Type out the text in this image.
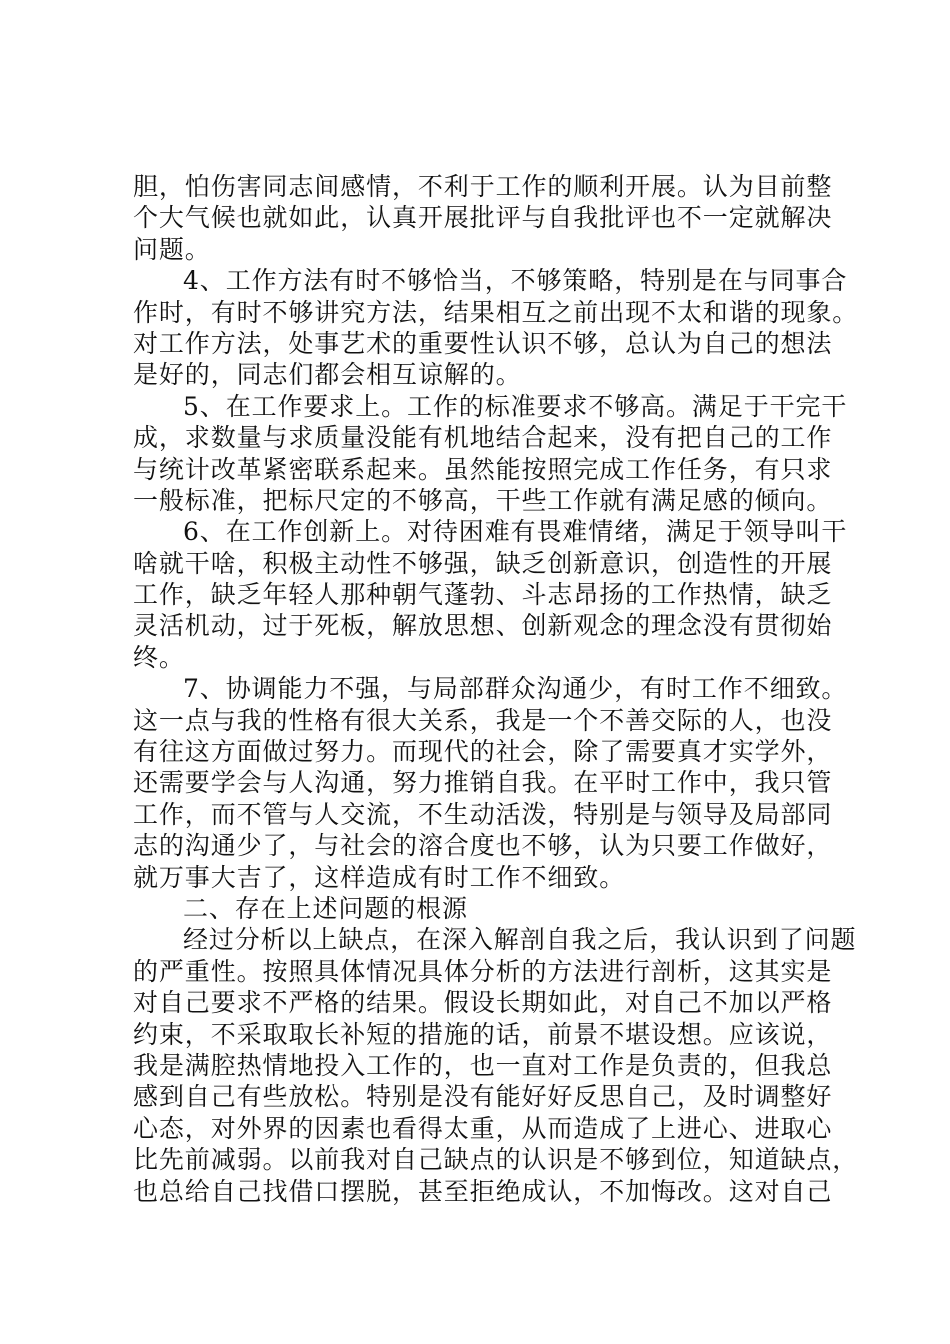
胆，怕伤害同志间感情，不利于工作的顺利开展。认为目前整
个大气候也就如此，认真开展批评与自我批评也不一定就解决
问题。
4、工作方法有时不够恰当，不够策略，特别是在与同事合
作时，有时不够讲究方法，结果相互之前出现不太和谐的现象。
对工作方法，处事艺术的重要性认识不够，总认为自己的想法
是好的，同志们都会相互谅解的。
5、在工作要求上。工作的标准要求不够高。满足于干完干
成，求数量与求质量没能有机地结合起来，没有把自己的工作
与统计改革紧密联系起来。虽然能按照完成工作任务，有只求
一般标准，把标尺定的不够高，干些工作就有满足感的倾向。
6、在工作创新上。对待困难有畏难情绪，满足于领导叫干
啥就干啥，积极主动性不够强，缺乏创新意识，创造性的开展
工作，缺乏年轻人那种朝气蓬勃、斗志昂扬的工作热情，缺乏
灵活机动，过于死板，解放思想、创新观念的理念没有贯彻始
终。
7、协调能力不强，与局部群众沟通少，有时工作不细致。
这一点与我的性格有很大关系，我是一个不善交际的人，也没
有往这方面做过努力。而现代的社会，除了需要真才实学外，
还需要学会与人沟通，努力推销自我。在平时工作中，我只管
工作，而不管与人交流，不生动活泼，特别是与领导及局部同
志的沟通少了，与社会的溶合度也不够，认为只要工作做好，
就万事大吉了，这样造成有时工作不细致。
二、存在上述问题的根源
经过分析以上缺点，在深入解剖自我之后，我认识到了问题
的严重性。按照具体情况具体分析的方法进行剖析，这其实是
对自己要求不严格的结果。假设长期如此，对自己不加以严格
约束，不采取取长补短的措施的话，前景不堪设想。应该说，
我是满腔热情地投入工作的，也一直对工作是负责的，但我总
感到自己有些放松。特别是没有能好好反思自己，及时调整好
心态，对外界的因素也看得太重，从而造成了上进心、进取心
比先前减弱。以前我对自己缺点的认识是不够到位，知道缺点，
也总给自己找借口摆脱，甚至拒绝成认，不加悔改。这对自己
